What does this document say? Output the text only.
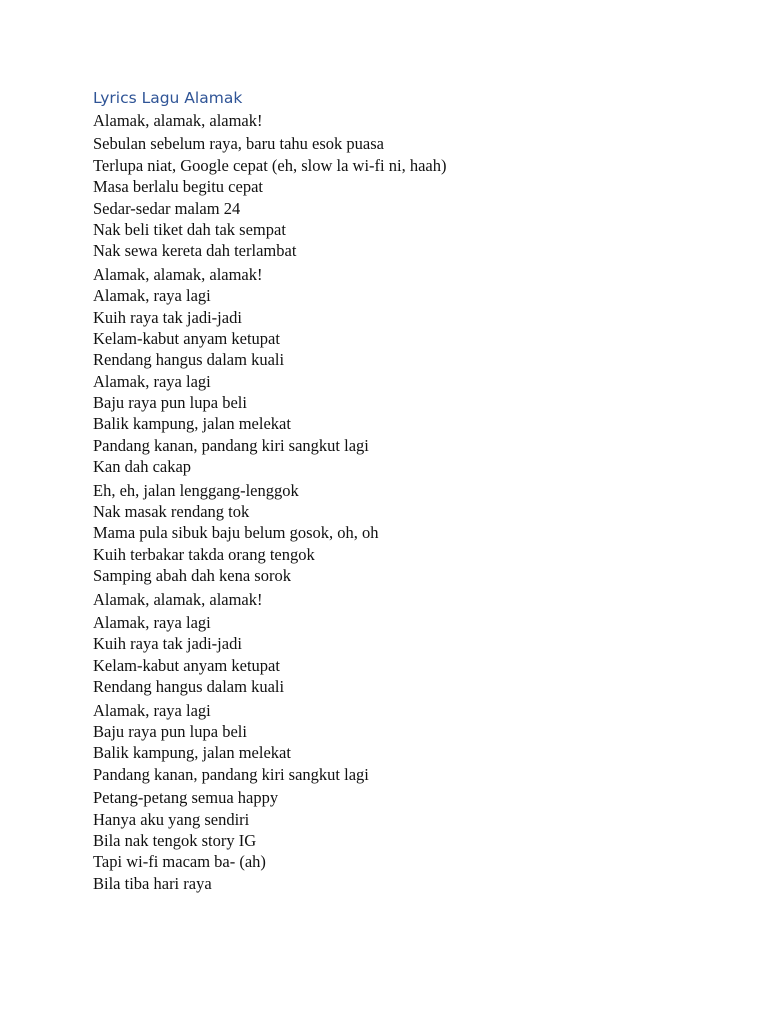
Lyrics Lagu Alamak

Alamak, alamak, alamak!

Sebulan sebelum raya, baru tahu esok puasa

Terlupa niat, Google cepat (eh, slow la wi-fi ni, haah)

Masa berlalu begitu cepat

Sedar-sedar malam 24

Nak beli tiket dah tak sempat

Nak sewa kereta dah terlambat

Alamak, alamak, alamak!

Alamak, raya lagi

Kuih raya tak jadi-jadi

Kelam-kabut anyam ketupat

Rendang hangus dalam kuali

Alamak, raya lagi

Baju raya pun lupa beli

Balik kampung, jalan melekat

Pandang kanan, pandang kiri sangkut lagi

Kan dah cakap

Eh, eh, jalan lenggang-lenggok

Nak masak rendang tok

Mama pula sibuk baju belum gosok, oh, oh

Kuih terbakar takda orang tengok

Samping abah dah kena sorok

Alamak, alamak, alamak!

Alamak, raya lagi

Kuih raya tak jadi-jadi

Kelam-kabut anyam ketupat

Rendang hangus dalam kuali

Alamak, raya lagi

Baju raya pun lupa beli

Balik kampung, jalan melekat

Pandang kanan, pandang kiri sangkut lagi

Petang-petang semua happy

Hanya aku yang sendiri

Bila nak tengok story IG

Tapi wi-fi macam ba- (ah)

Bila tiba hari raya
